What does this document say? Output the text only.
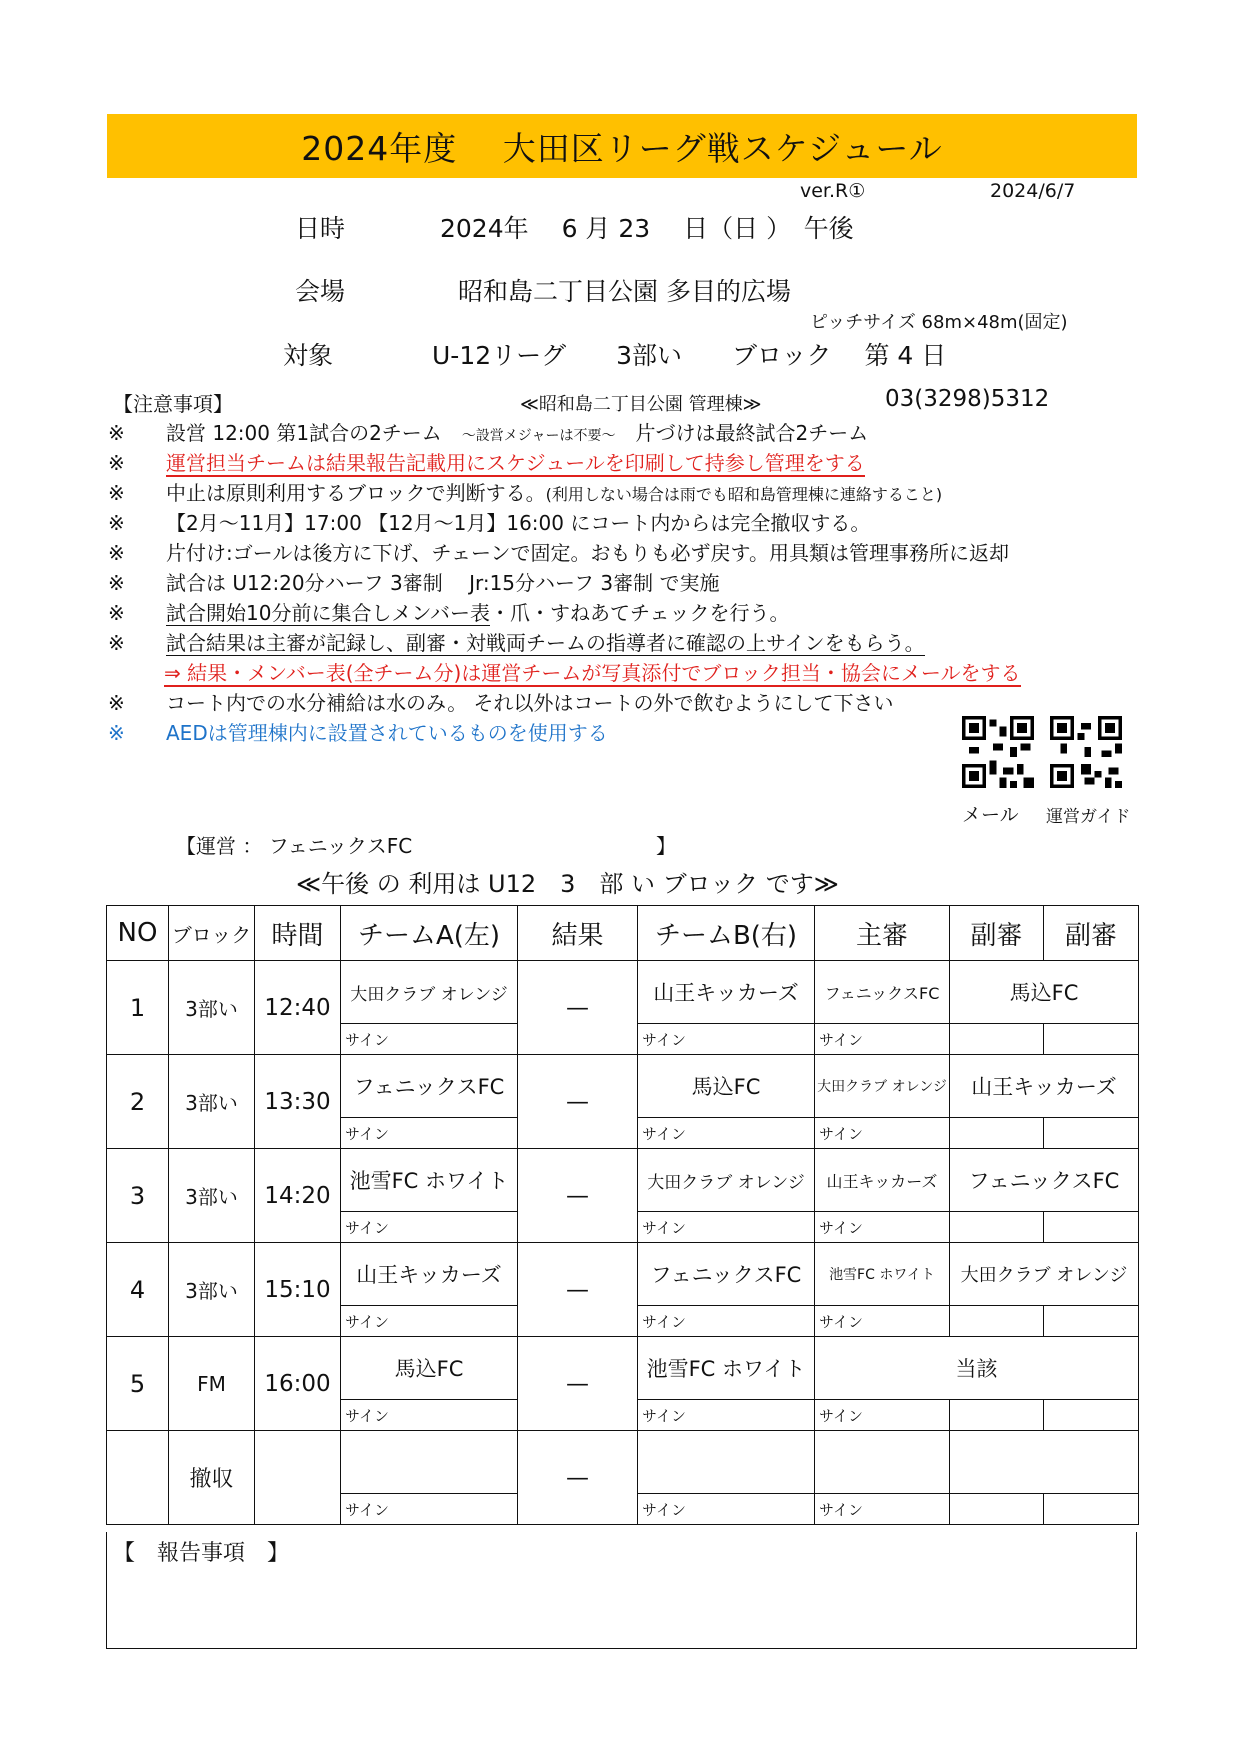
2024年度　 大田区リーグ戦スケジュール
ver.R①	2024/6/7
日時	2024年　 6 月 23 　日（日 ）　午後
会場	昭和島二丁目公園 多目的広場
ピッチサイズ 68m×48m(固定)
対象	U-12リーグ　　3部い　　ブロック　 第 4 日
【注意事項】	≪昭和島二丁目公園 管理棟≫	03(3298)5312
※ 設営 12:00 第1試合の2チーム　 ～設営メジャーは不要～　 片づけは最終試合2チーム
※ 運営担当チームは結果報告記載用にスケジュールを印刷して持参し管理をする
※ 中止は原則利用するブロックで判断する。(利用しない場合は雨でも昭和島管理棟に連絡すること)
※ 【2月～11月】17:00 【12月～1月】16:00 にコート内からは完全撤収する。
※ 片付け:ゴールは後方に下げ、チェーンで固定。おもりも必ず戻す。用具類は管理事務所に返却
※ 試合は U12:20分ハーフ 3審制　 Jr:15分ハーフ 3審制 で実施
※ 試合開始10分前に集合しメンバー表・爪・すねあてチェックを行う。
※ 試合結果は主審が記録し、副審・対戦両チームの指導者に確認の上サインをもらう。
⇒ 結果・メンバー表(全チーム分)は運営チームが写真添付でブロック担当・協会にメールをする
※ コート内での水分補給は水のみ。 それ以外はコートの外で飲むようにして下さい
※ AEDは管理棟内に設置されているものを使用する
メール 運営ガイド
【運営 ： フェニックスFC	】
≪午後 の 利用は U12　3　部 い ブロック です≫
NO	ブロック	時間	チームA(左)	結果	チームB(右)	主審	副審	副審
1	3部い	12:40	大田クラブ オレンジ	—	山王キッカーズ	フェニックスFC	馬込FC	
			サイン		サイン	サイン		
2	3部い	13:30	フェニックスFC	—	馬込FC	大田クラブ オレンジ	山王キッカーズ	
			サイン		サイン	サイン		
3	3部い	14:20	池雪FC ホワイト	—	大田クラブ オレンジ	山王キッカーズ	フェニックスFC	
			サイン		サイン	サイン		
4	3部い	15:10	山王キッカーズ	—	フェニックスFC	池雪FC ホワイト	大田クラブ オレンジ	
			サイン		サイン	サイン		
5	FM	16:00	馬込FC	—	池雪FC ホワイト	当該		
			サイン		サイン	サイン		
	撤収			—				
			サイン		サイン	サイン		
【　報告事項　】
